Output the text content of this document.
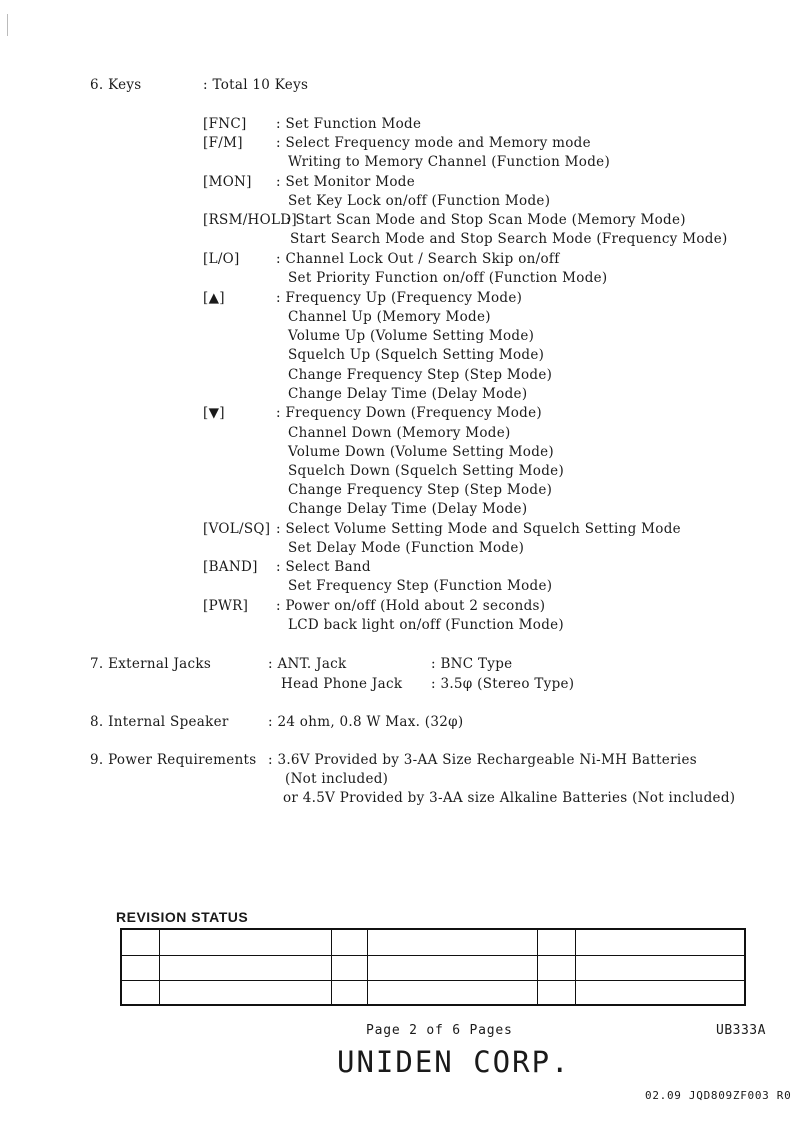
6. Keys	: Total 10 Keys
[FNC] : Set Function Mode
[F/M] : Select Frequency mode and Memory mode
Writing to Memory Channel (Function Mode)
[MON] : Set Monitor Mode
Set Key Lock on/off (Function Mode)
[RSM/HOLD]
: Start Scan Mode and Stop Scan Mode (Memory Mode)
Start Search Mode and Stop Search Mode (Frequency Mode)
[L/O]	: Channel Lock Out / Search Skip on/off
Set Priority Function on/off (Function Mode)
[▲]	: Frequency Up (Frequency Mode)
Channel Up (Memory Mode)
Volume Up (Volume Setting Mode)
Squelch Up (Squelch Setting Mode)
Change Frequency Step (Step Mode)
Change Delay Time (Delay Mode)
[▼]	: Frequency Down (Frequency Mode)
Channel Down (Memory Mode)
Volume Down (Volume Setting Mode)
Squelch Down (Squelch Setting Mode)
Change Frequency Step (Step Mode)
Change Delay Time (Delay Mode)
[VOL/SQ] : Select Volume Setting Mode and Squelch Setting Mode
Set Delay Mode (Function Mode)
[BAND] : Select Band
Set Frequency Step (Function Mode)
[PWR] : Power on/off (Hold about 2 seconds)
LCD back light on/off (Function Mode)
7. External Jacks	: ANT. Jack	: BNC Type
Head Phone Jack : 3.5φ (Stereo Type)
8. Internal Speaker	: 24 ohm, 0.8 W Max. (32φ)
9. Power Requirements : 3.6V Provided by 3-AA Size Rechargeable Ni-MH Batteries
(Not included)
or 4.5V Provided by 3-AA size Alkaline Batteries (Not included)
REVISION STATUS
Page 2 of 6 Pages	UB333A
UNIDEN CORP.
02.09 JQD809ZF003 R0
